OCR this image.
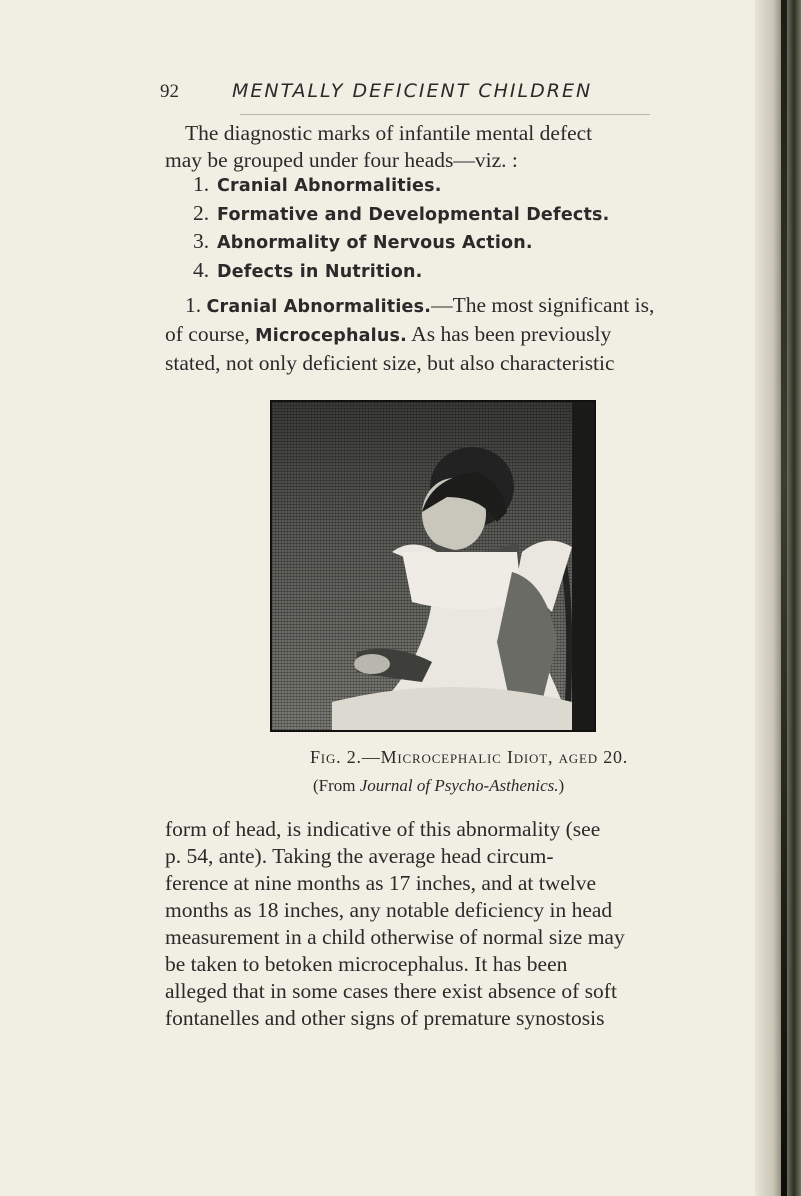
92	MENTALLY DEFICIENT CHILDREN
The diagnostic marks of infantile mental defect
may be grouped under four heads—viz. :
1. Cranial Abnormalities.
2. Formative and Developmental Defects.
3. Abnormality of Nervous Action.
4. Defects in Nutrition.
1. Cranial Abnormalities.—The most significant is,
of course, Microcephalus. As has been previously
stated, not only deficient size, but also characteristic
Fig. 2.—Microcephalic Idiot, aged 20.
(From Journal of Psycho-Asthenics.)
form of head, is indicative of this abnormality (see
p. 54, ante). Taking the average head circum-
ference at nine months as 17 inches, and at twelve
months as 18 inches, any notable deficiency in head
measurement in a child otherwise of normal size may
be taken to betoken microcephalus. It has been
alleged that in some cases there exist absence of soft
fontanelles and other signs of premature synostosis
